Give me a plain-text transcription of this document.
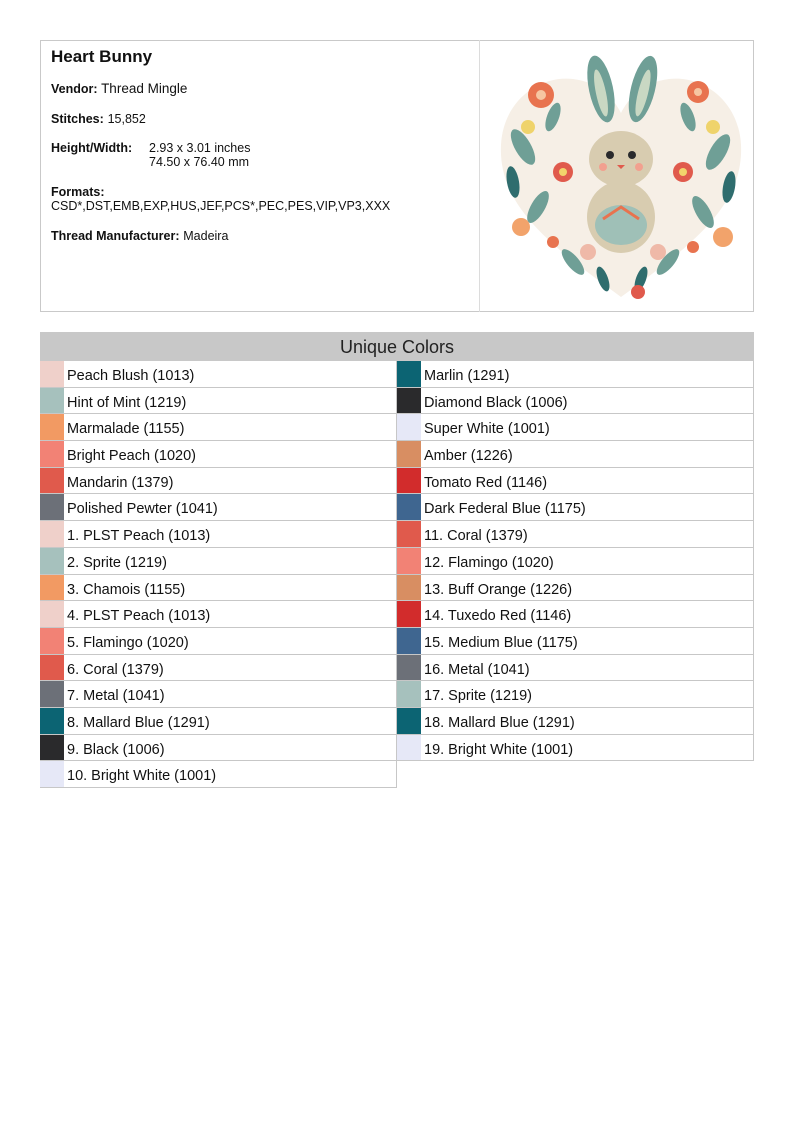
Heart Bunny
Vendor: Thread Mingle
Stitches: 15,852
Height/Width: 2.93 x 3.01 inches
74.50 x 76.40 mm
Formats:
CSD*,DST,EMB,EXP,HUS,JEF,PCS*,PEC,PES,VIP,VP3,XXX
Thread Manufacturer: Madeira
Unique Colors
Peach Blush (1013)
Hint of Mint (1219)
Marmalade (1155)
Bright Peach (1020)
Mandarin (1379)
Polished Pewter (1041)
1. PLST Peach (1013)
2. Sprite (1219)
3. Chamois (1155)
4. PLST Peach (1013)
5. Flamingo (1020)
6. Coral (1379)
7. Metal (1041)
8. Mallard Blue (1291)
9. Black (1006)
10. Bright White (1001)
Marlin (1291)
Diamond Black (1006)
Super White (1001)
Amber (1226)
Tomato Red (1146)
Dark Federal Blue (1175)
11. Coral (1379)
12. Flamingo (1020)
13. Buff Orange (1226)
14. Tuxedo Red (1146)
15. Medium Blue (1175)
16. Metal (1041)
17. Sprite (1219)
18. Mallard Blue (1291)
19. Bright White (1001)
